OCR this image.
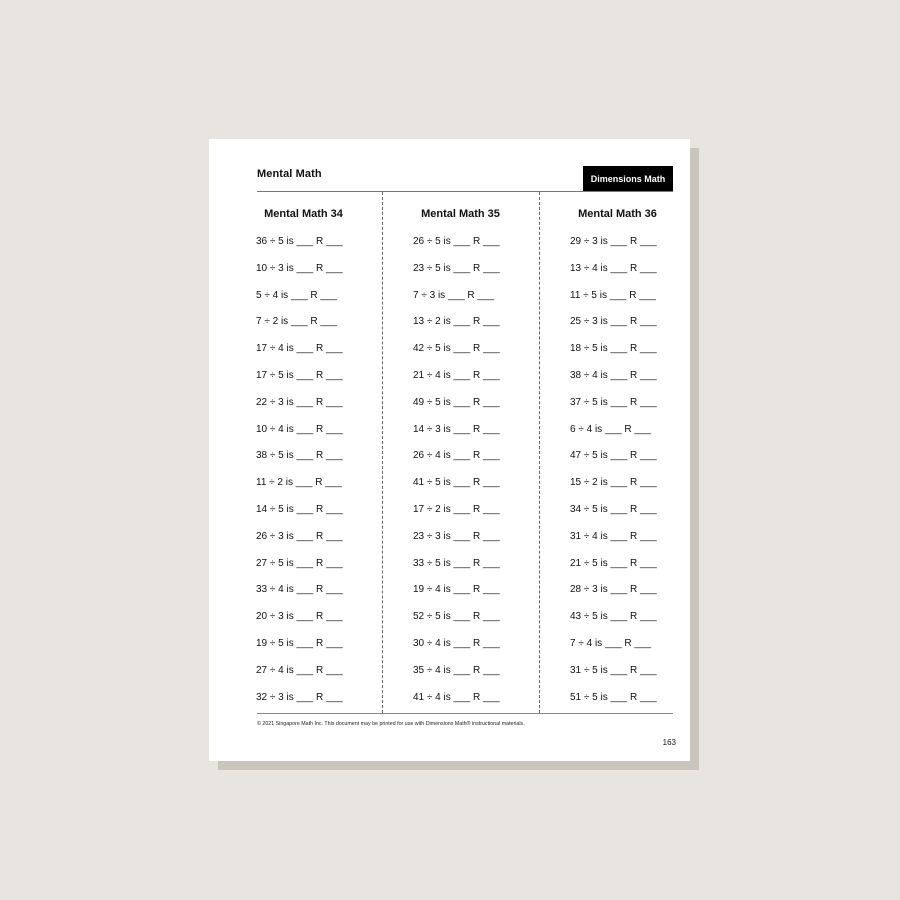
Mental Math	Dimensions Math
Mental Math 34
36 ÷ 5 is ___ R ___
10 ÷ 3 is ___ R ___
5 ÷ 4 is ___ R ___
7 ÷ 2 is ___ R ___
17 ÷ 4 is ___ R ___
17 ÷ 5 is ___ R ___
22 ÷ 3 is ___ R ___
10 ÷ 4 is ___ R ___
38 ÷ 5 is ___ R ___
11 ÷ 2 is ___ R ___
14 ÷ 5 is ___ R ___
26 ÷ 3 is ___ R ___
27 ÷ 5 is ___ R ___
33 ÷ 4 is ___ R ___
20 ÷ 3 is ___ R ___
19 ÷ 5 is ___ R ___
27 ÷ 4 is ___ R ___
32 ÷ 3 is ___ R ___
Mental Math 35
26 ÷ 5 is ___ R ___
23 ÷ 5 is ___ R ___
7 ÷ 3 is ___ R ___
13 ÷ 2 is ___ R ___
42 ÷ 5 is ___ R ___
21 ÷ 4 is ___ R ___
49 ÷ 5 is ___ R ___
14 ÷ 3 is ___ R ___
26 ÷ 4 is ___ R ___
41 ÷ 5 is ___ R ___
17 ÷ 2 is ___ R ___
23 ÷ 3 is ___ R ___
33 ÷ 5 is ___ R ___
19 ÷ 4 is ___ R ___
52 ÷ 5 is ___ R ___
30 ÷ 4 is ___ R ___
35 ÷ 4 is ___ R ___
41 ÷ 4 is ___ R ___
Mental Math 36
29 ÷ 3 is ___ R ___
13 ÷ 4 is ___ R ___
11 ÷ 5 is ___ R ___
25 ÷ 3 is ___ R ___
18 ÷ 5 is ___ R ___
38 ÷ 4 is ___ R ___
37 ÷ 5 is ___ R ___
6 ÷ 4 is ___ R ___
47 ÷ 5 is ___ R ___
15 ÷ 2 is ___ R ___
34 ÷ 5 is ___ R ___
31 ÷ 4 is ___ R ___
21 ÷ 5 is ___ R ___
28 ÷ 3 is ___ R ___
43 ÷ 5 is ___ R ___
7 ÷ 4 is ___ R ___
31 ÷ 5 is ___ R ___
51 ÷ 5 is ___ R ___
© 2021 Singapore Math Inc. This document may be printed for use with Dimensions Math® instructional materials.
163
